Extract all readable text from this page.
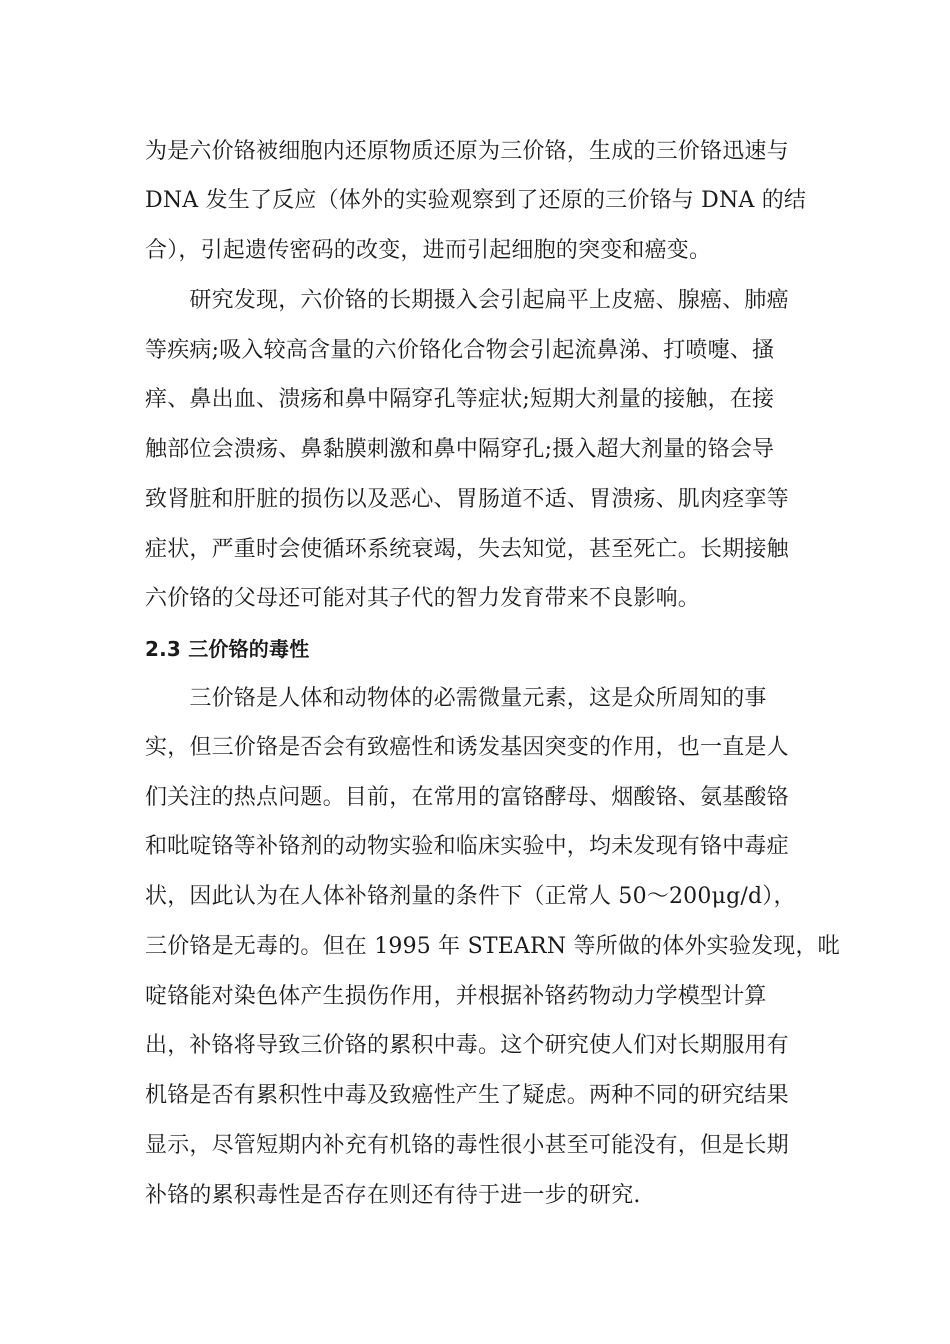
为是六价铬被细胞内还原物质还原为三价铬，生成的三价铬迅速与
DNA 发生了反应（体外的实验观察到了还原的三价铬与 DNA 的结
合），引起遗传密码的改变，进而引起细胞的突变和癌变。
　　研究发现，六价铬的长期摄入会引起扁平上皮癌、腺癌、肺癌
等疾病;吸入较高含量的六价铬化合物会引起流鼻涕、打喷嚏、搔
痒、鼻出血、溃疡和鼻中隔穿孔等症状;短期大剂量的接触，在接
触部位会溃疡、鼻黏膜刺激和鼻中隔穿孔;摄入超大剂量的铬会导
致肾脏和肝脏的损伤以及恶心、胃肠道不适、胃溃疡、肌肉痉挛等
症状，严重时会使循环系统衰竭，失去知觉，甚至死亡。长期接触
六价铬的父母还可能对其子代的智力发育带来不良影响。
2.3 三价铬的毒性
　　三价铬是人体和动物体的必需微量元素，这是众所周知的事
实，但三价铬是否会有致癌性和诱发基因突变的作用，也一直是人
们关注的热点问题。目前，在常用的富铬酵母、烟酸铬、氨基酸铬
和吡啶铬等补铬剂的动物实验和临床实验中，均未发现有铬中毒症
状，因此认为在人体补铬剂量的条件下（正常人 50～200μg/d），
三价铬是无毒的。但在 1995 年 STEARN 等所做的体外实验发现，吡
啶铬能对染色体产生损伤作用，并根据补铬药物动力学模型计算
出，补铬将导致三价铬的累积中毒。这个研究使人们对长期服用有
机铬是否有累积性中毒及致癌性产生了疑虑。两种不同的研究结果
显示，尽管短期内补充有机铬的毒性很小甚至可能没有，但是长期
补铬的累积毒性是否存在则还有待于进一步的研究.
